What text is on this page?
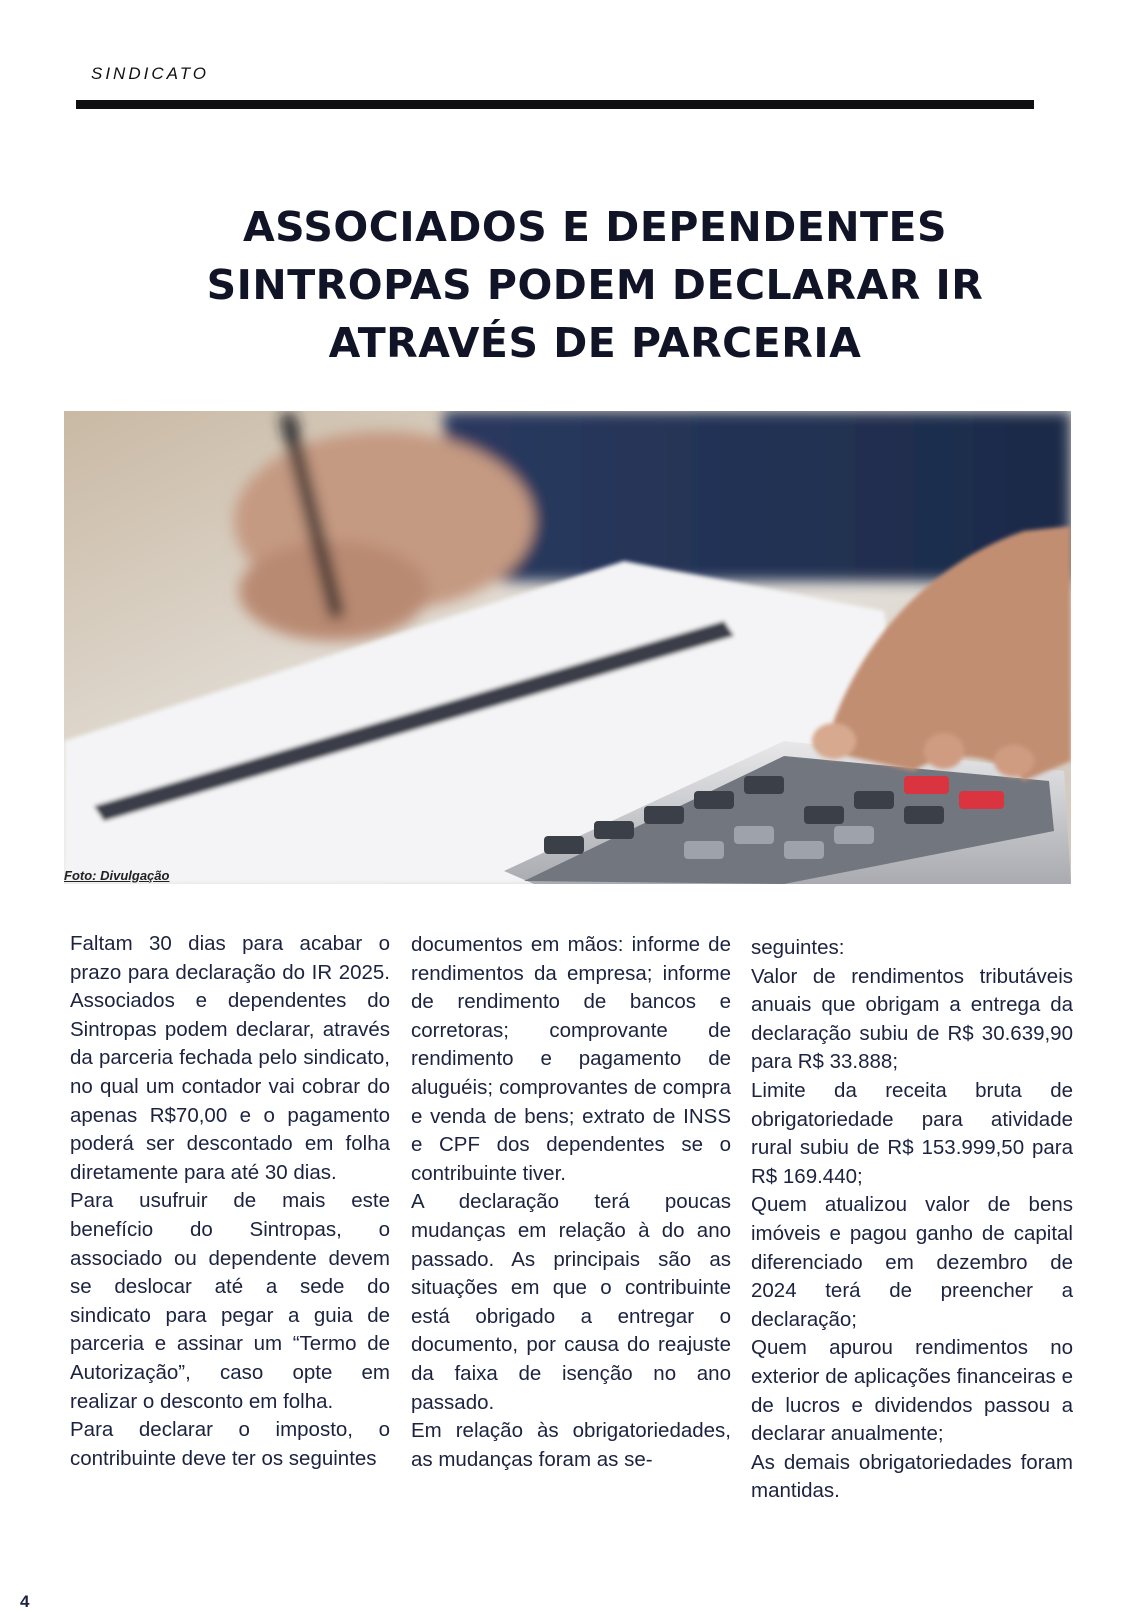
SINDICATO
ASSOCIADOS E DEPENDENTES
SINTROPAS PODEM DECLARAR IR
ATRAVÉS DE PARCERIA
Foto: Divulgação

Faltam 30 dias para acabar o prazo para declaração do IR 2025. Associados e dependentes do Sintropas podem declarar, através da parceria fechada pelo sindicato, no qual um contador vai cobrar do apenas R$70,00 e o pagamento poderá ser descontado em folha diretamente para até 30 dias.

Para usufruir de mais este benefício do Sintropas, o associado ou dependente devem se deslocar até a sede do sindicato para pegar a guia de parceria e assinar um “Termo de Autorização”, caso opte em realizar o desconto em folha.

Para declarar o imposto, o contribuinte deve ter os seguintes

documentos em mãos: informe de rendimentos da empresa; informe de rendimento de bancos e corretoras; comprovante de rendimento e pagamento de aluguéis; comprovantes de compra e venda de bens; extrato de INSS e CPF dos dependentes se o contribuinte tiver.

A declaração terá poucas mudanças em relação à do ano passado. As principais são as situações em que o contribuinte está obrigado a entregar o documento, por causa do reajuste da faixa de isenção no ano passado.

Em relação às obrigatoriedades, as mudanças foram as se-

seguintes:

Valor de rendimentos tributáveis anuais que obrigam a entrega da declaração subiu de R$ 30.639,90 para R$ 33.888;

Limite da receita bruta de obrigatoriedade para atividade rural subiu de R$ 153.999,50 para R$ 169.440;

Quem atualizou valor de bens imóveis e pagou ganho de capital diferenciado em dezembro de 2024 terá de preencher a declaração;

Quem apurou rendimentos no exterior de aplicações financeiras e de lucros e dividendos passou a declarar anualmente;

As demais obrigatoriedades foram mantidas.

4
